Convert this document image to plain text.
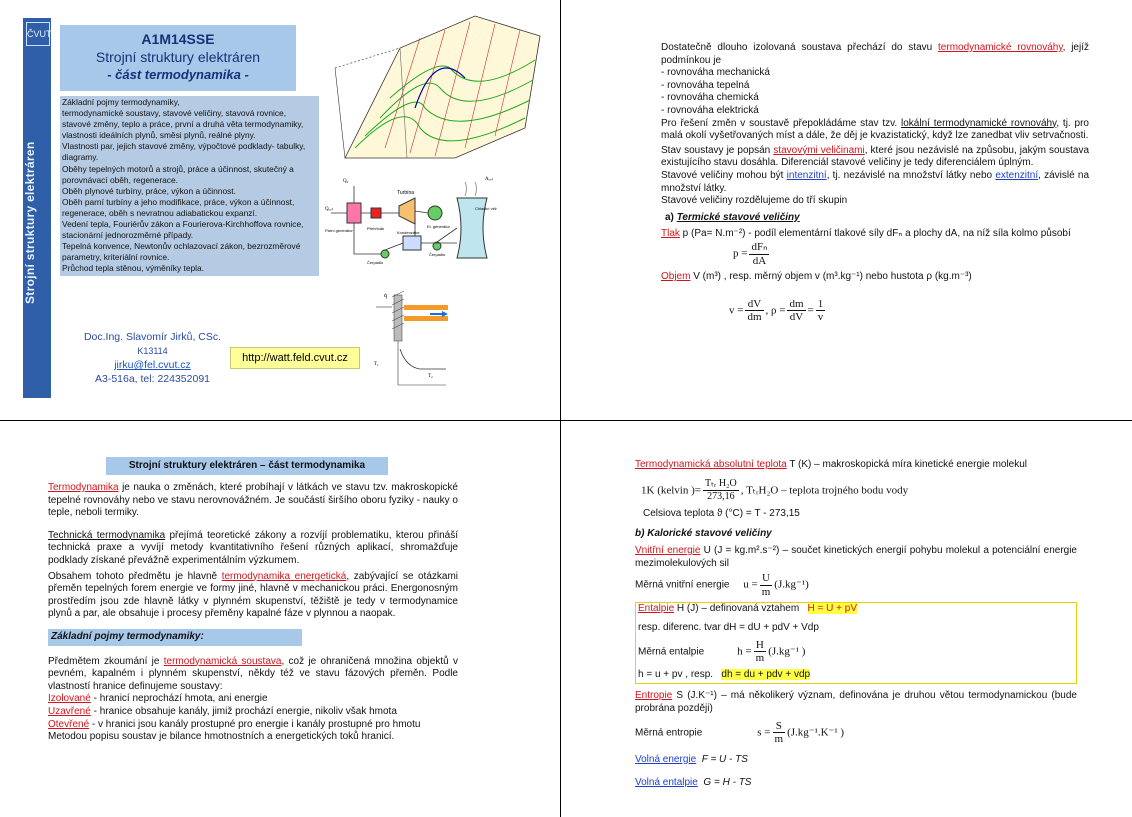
ČVUT
Strojní struktury elektráren
A1M14SSE
Strojní struktury elektráren
- část termodynamika -
Základní pojmy termodynamiky,
termodynamické soustavy, stavové veličiny, stavová rovnice, stavové změny, teplo a práce, první a druhá věta termodynamiky, vlastnosti ideálních plynů, směsi plynů, reálné plyny.
Vlastnosti par, jejich stavové změny, výpočtové podklady- tabulky, diagramy.
Oběhy tepelných motorů a strojů, práce a účinnost, skutečný a porovnávací oběh, regenerace.
Oběh plynové turbíny, práce, výkon a účinnost.
Oběh parní turbíny a jeho modifikace, práce, výkon a účinnost, regenerace, oběh s nevratnou adiabatickou expanzí.
Vedení tepla, Fouriérův zákon a Fourierova-Kirchhoffova rovnice, stacionární jednorozměrné případy.
Tepelná konvence, Newtonův ochlazovací zákon, bezrozměrové parametry, kriteriální rovnice.
Průchod tepla stěnou, výměníky tepla.
Turbína
El. generátor
Parní generátor	Přehřívák
Kondenzátor
Chladicí věž
Čerpadlo
Čerpadlo
Q₀
Qₒᵤₜ
Aₒᵤₜ
q̇
T₁
T₂
Doc.Ing. Slavomír Jirků, CSc.
K13114
jirku@fel.cvut.cz
A3-516a, tel: 224352091
http://watt.feld.cvut.cz
Dostatečně dlouho izolovaná soustava přechází do stavu termodynamické rovnováhy, jejíž podmínkou je
- rovnováha mechanická
- rovnováha tepelná
- rovnováha chemická
- rovnováha elektrická
Pro řešení změn v soustavě přepokládáme stav tzv. lokální termodynamické rovnováhy, tj. pro malá okolí vyšetřovaných míst a dále, že děj je kvazistatický, když lze zanedbat vliv setrvačnosti.
Stav soustavy je popsán stavovými veličinami, které jsou nezávislé na způsobu, jakým soustava existujícího stavu dosáhla. Diferenciál stavové veličiny je tedy diferenciálem úplným.
Stavové veličiny mohou být intenzitní, tj. nezávislé na množství látky nebo extenzitní, závislé na množství látky.
Stavové veličiny rozdělujeme do tří skupin
a) Termické stavové veličiny
Tlak p (Pa= N.m⁻²) - podíl elementární tlakové síly dFₙ a plochy dA, na níž síla kolmo působí
$p = \frac{\text{dFₙ}}{dA}$
Objem V (m³) , resp. měrný objem v (m³.kg⁻¹) nebo hustota ρ (kg.m⁻³)
$v = \frac{dV}{dm}$ , $\rho = \frac{dm}{dV} = \frac{1}{v}$
Strojní struktury elektráren – část termodynamika
Termodynamika je nauka o změnách, které probíhají v látkách ve stavu tzv. makroskopické tepelné rovnováhy nebo ve stavu nerovnovážném. Je součástí širšího oboru fyziky - nauky o teple, neboli termiky.
Technická termodynamika přejímá teoretické zákony a rozvíjí problematiku, kterou přináší technická praxe a vyvíjí metody kvantitativního řešení různých aplikací, shromažďuje podklady získané převážně experimentálním výzkumem.
Obsahem tohoto předmětu je hlavně termodynamika energetická, zabývající se otázkami přeměn tepelných forem energie ve formy jiné, hlavně v mechanickou práci. Energonosným prostředím jsou zde hlavně látky v plynném skupenství, těžiště je tedy v termodynamice plynů a par, ale obsahuje i procesy přeměny kapalné fáze v plynnou a naopak.
Základní pojmy termodynamiky:
Předmětem zkoumání je termodynamická soustava, což je ohraničená množina objektů v pevném, kapalném i plynném skupenství, někdy též ve stavu fázových přeměn. Podle vlastností hranice definujeme soustavy:
Izolované - hranicí neprochází hmota, ani energie
Uzavřené - hranice obsahuje kanály, jimiž prochází energie, nikoliv však hmota
Otevřené - v hranici jsou kanály prostupné pro energie i kanály prostupné pro hmotu
Metodou popisu soustav je bilance hmotnostních a energetických toků hranicí.
Termodynamická absolutní teplota T (K) – makroskopická míra kinetické energie molekul
1K (kelvin )= $\frac{\text{Tₜᵣ H₂O}}{273,16}$ , TₜᵣH₂O – teplota trojného bodu vody
Celsiova teplota ϑ (°C) = T - 273,15
b) Kalorické stavové veličiny
Vnitřní energie U (J = kg.m².s⁻²) – součet kinetických energií pohybu molekul a potenciální energie mezimolekulových sil
Měrná vnitřní energie $u = \frac{U}{m} (J.kg^{-1})$
Entalpie H (J) – definovaná vztahem H = U + pV
resp. diferenc. tvar dH = dU + pdV + Vdp
Měrná entalpie	$h = \frac{H}{m} (J.kg^{-1}$ )
h = u + pv , resp. dh = du + pdv + vdp
Entropie S (J.K⁻¹) – má několikerý význam, definována je druhou větou termodynamickou (bude probrána později)
Měrná entropie	$s = \frac{S}{m} (J.kg^{-1}.K^{-1}$ )
Volná energie F = U - TS
Volná entalpie G = H - TS
